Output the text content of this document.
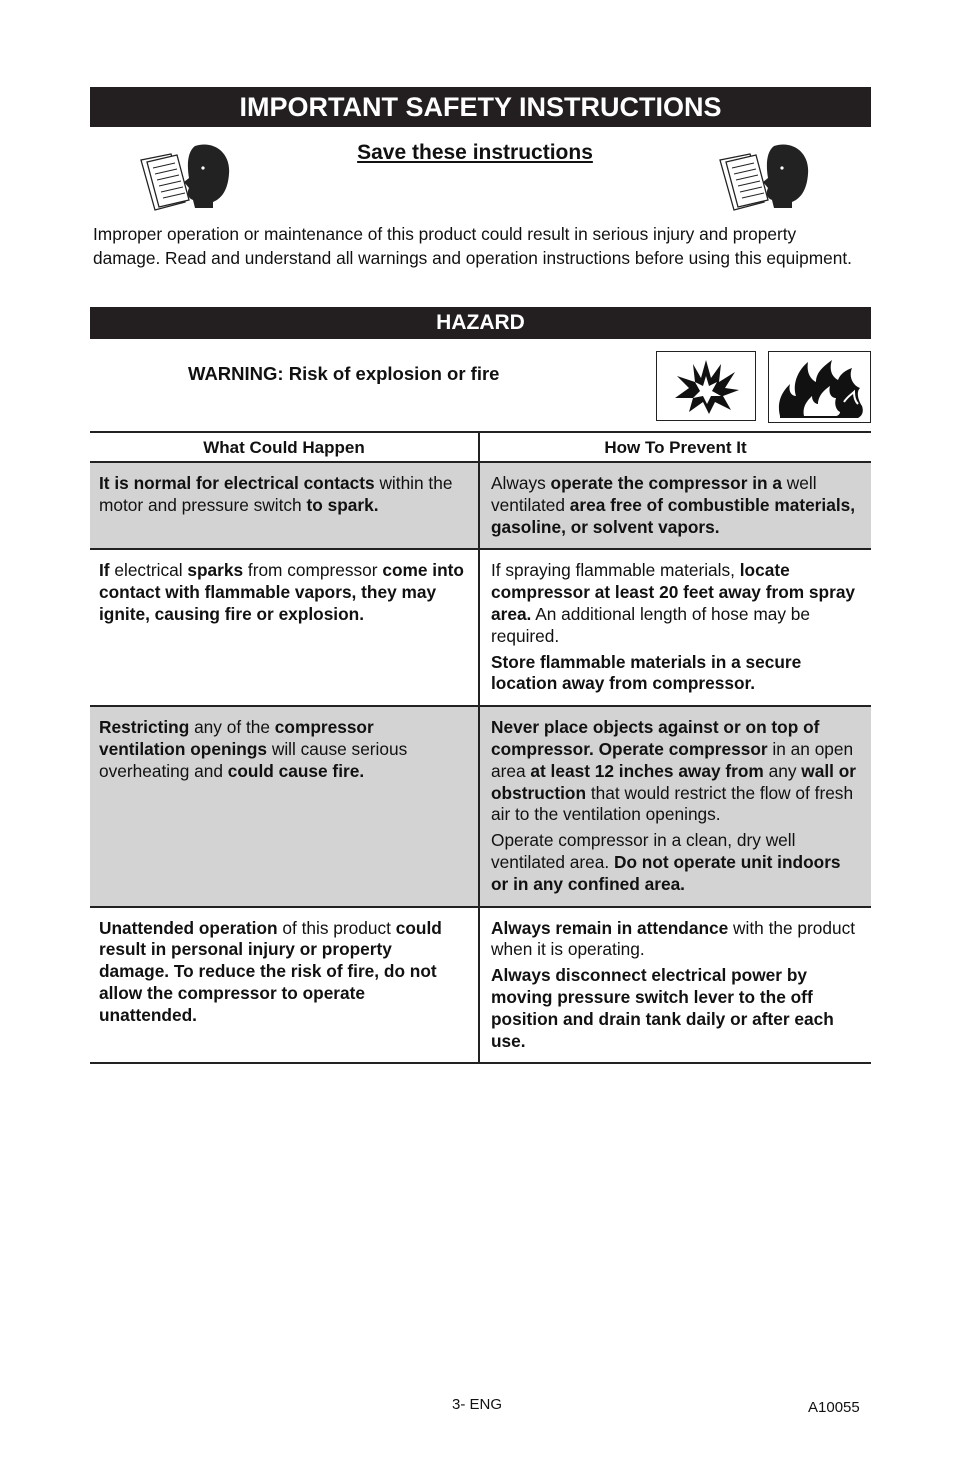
IMPORTANT SAFETY INSTRUCTIONS
Save these instructions

Improper operation or maintenance of this product could result in serious injury and property damage. Read and understand all warnings and operation instructions before using this equipment.

HAZARD
WARNING: Risk of explosion or fire
What Could Happen	How To Prevent It

It is normal for electrical contacts within the motor and pressure switch to spark.

Always operate the compressor in a well ventilated area free of combustible materials, gasoline, or solvent vapors.

If electrical sparks from compressor come into contact with flammable vapors, they may ignite, causing fire or explosion.

If spraying flammable materials, locate compressor at least 20 feet away from spray area. An additional length of hose may be required.

Store flammable materials in a secure location away from compressor.

Restricting any of the compressor ventilation openings will cause serious overheating and could cause fire.

Never place objects against or on top of compressor. Operate compressor in an open area at least 12 inches away from any wall or obstruction that would restrict the flow of fresh air to the ventilation openings.

Operate compressor in a clean, dry well ventilated area. Do not operate unit indoors or in any confined area.

Unattended operation of this product could result in personal injury or property damage. To reduce the risk of fire, do not allow the compressor to operate unattended.

Always remain in attendance with the product when it is operating.

Always disconnect electrical power by moving pressure switch lever to the off position and drain tank daily or after each use.

3- ENG	A10055
